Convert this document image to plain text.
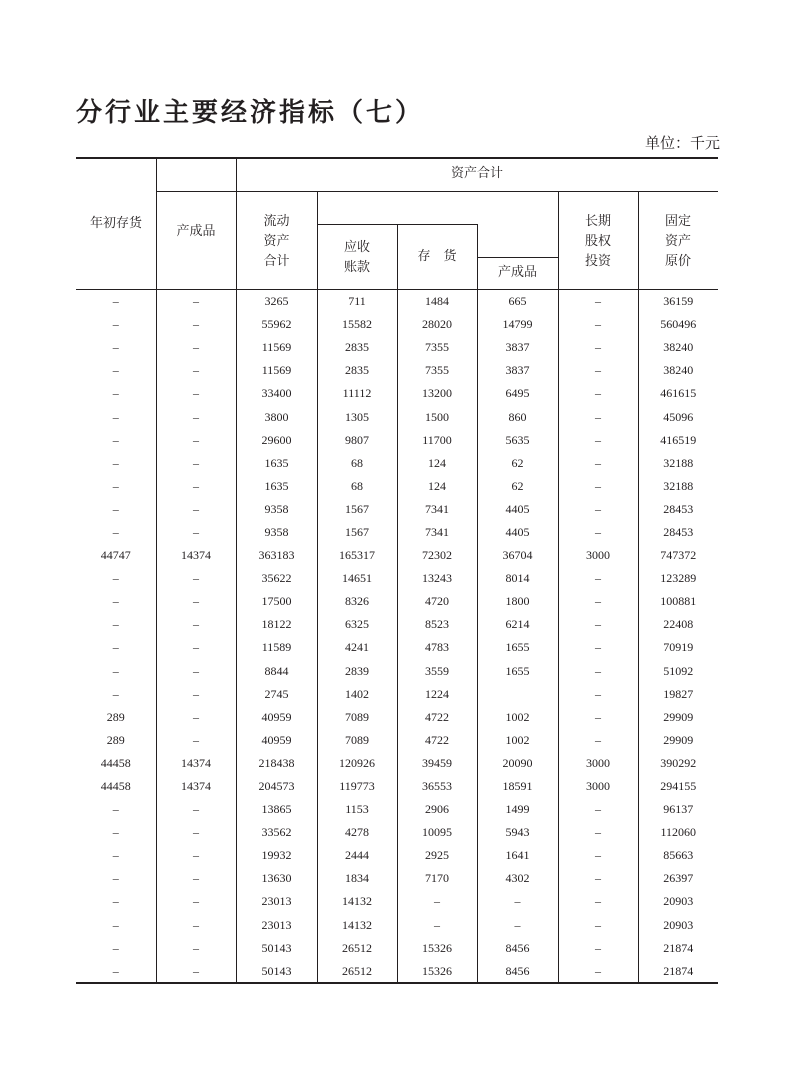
分行业主要经济指标（七）
单位：千元
年初存货
产成品
资产合计
流动
资产
合计
应收
账款
存　货
产成品
长期
股权
投资
固定
资产
原价
–	–	3265	711	1484	665	–	36159
–	–	55962	15582	28020	14799	–	560496
–	–	11569	2835	7355	3837	–	38240
–	–	11569	2835	7355	3837	–	38240
–	–	33400	11112	13200	6495	–	461615
–	–	3800	1305	1500	860	–	45096
–	–	29600	9807	11700	5635	–	416519
–	–	1635	68	124	62	–	32188
–	–	1635	68	124	62	–	32188
–	–	9358	1567	7341	4405	–	28453
–	–	9358	1567	7341	4405	–	28453
44747	14374	363183	165317	72302	36704	3000	747372
–	–	35622	14651	13243	8014	–	123289
–	–	17500	8326	4720	1800	–	100881
–	–	18122	6325	8523	6214	–	22408
–	–	11589	4241	4783	1655	–	70919
–	–	8844	2839	3559	1655	–	51092
–	–	2745	1402	1224		–	19827
289	–	40959	7089	4722	1002	–	29909
289	–	40959	7089	4722	1002	–	29909
44458	14374	218438	120926	39459	20090	3000	390292
44458	14374	204573	119773	36553	18591	3000	294155
–	–	13865	1153	2906	1499	–	96137
–	–	33562	4278	10095	5943	–	112060
–	–	19932	2444	2925	1641	–	85663
–	–	13630	1834	7170	4302	–	26397
–	–	23013	14132	–	–	–	20903
–	–	23013	14132	–	–	–	20903
–	–	50143	26512	15326	8456	–	21874
–	–	50143	26512	15326	8456	–	21874
